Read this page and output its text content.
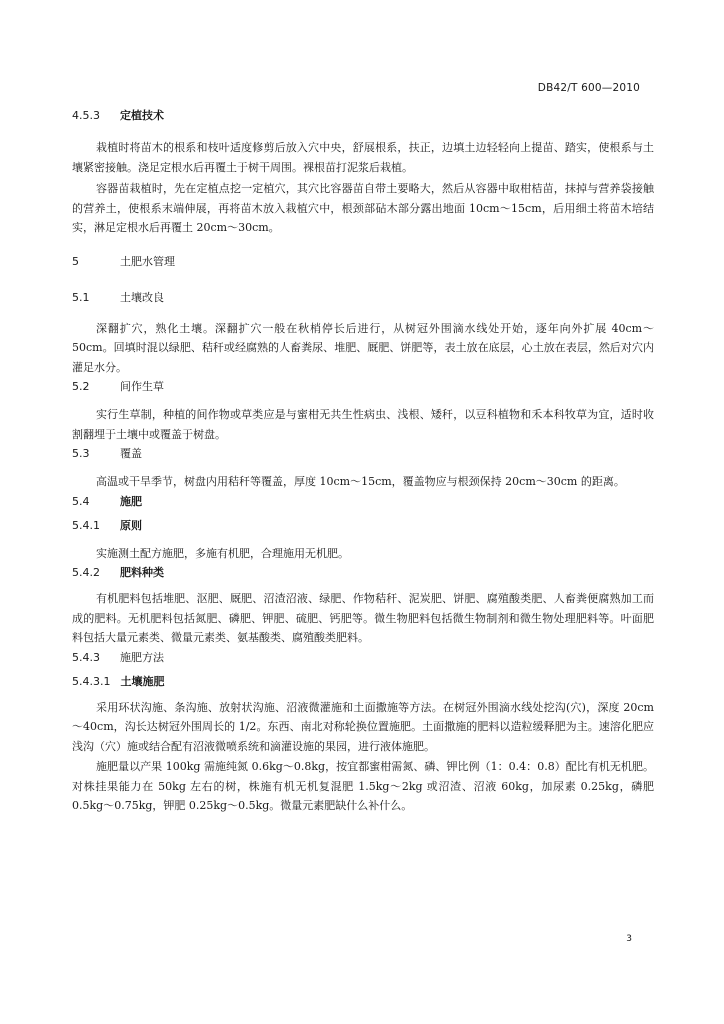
DB42/T 600—2010
4.5.3 定植技术

栽植时将苗木的根系和枝叶适度修剪后放入穴中央，舒展根系，扶正，边填土边轻轻向上提苗、踏实，使根系与土壤紧密接触。浇足定根水后再覆土于树干周围。裸根苗打泥浆后栽植。

容器苗栽植时，先在定植点挖一定植穴，其穴比容器苗自带土要略大，然后从容器中取柑桔苗，抹掉与营养袋接触的营养土，使根系末端伸展，再将苗木放入栽植穴中，根颈部砧木部分露出地面 10cm～15cm，后用细土将苗木培结实，淋足定根水后再覆土 20cm～30cm。

5	土肥水管理
5.1	土壤改良

深翻扩穴，熟化土壤。深翻扩穴一般在秋梢停长后进行，从树冠外围滴水线处开始，逐年向外扩展 40cm～50cm。回填时混以绿肥、秸秆或经腐熟的人畜粪尿、堆肥、厩肥、饼肥等，表土放在底层，心土放在表层，然后对穴内灌足水分。

5.2	间作生草

实行生草制，种植的间作物或草类应是与蜜柑无共生性病虫、浅根、矮秆，以豆科植物和禾本科牧草为宜，适时收割翻埋于土壤中或覆盖于树盘。

5.3	覆盖

高温或干旱季节，树盘内用秸秆等覆盖，厚度 10cm～15cm，覆盖物应与根颈保持 20cm～30cm 的距离。

5.4	施肥
5.4.1 原则

实施测土配方施肥，多施有机肥，合理施用无机肥。

5.4.2 肥料种类

有机肥料包括堆肥、沤肥、厩肥、沼渣沼液、绿肥、作物秸秆、泥炭肥、饼肥、腐殖酸类肥、人畜粪便腐熟加工而成的肥料。无机肥料包括氮肥、磷肥、钾肥、硫肥、钙肥等。微生物肥料包括微生物制剂和微生物处理肥料等。叶面肥料包括大量元素类、微量元素类、氨基酸类、腐殖酸类肥料。

5.4.3 施肥方法
5.4.3.1 土壤施肥

采用环状沟施、条沟施、放射状沟施、沼液微灌施和土面撒施等方法。在树冠外围滴水线处挖沟(穴)，深度 20cm～40cm，沟长达树冠外围周长的 1/2。东西、南北对称轮换位置施肥。土面撒施的肥料以造粒缓释肥为主。速溶化肥应浅沟（穴）施或结合配有沼液微喷系统和滴灌设施的果园，进行液体施肥。

施肥量以产果 100kg 需施纯氮 0.6kg～0.8kg，按宜都蜜柑需氮、磷、钾比例（1：0.4：0.8）配比有机无机肥。对株挂果能力在 50kg 左右的树，株施有机无机复混肥 1.5kg～2kg 或沼渣、沼液 60kg，加尿素 0.25kg，磷肥 0.5kg～0.75kg，钾肥 0.25kg～0.5kg。微量元素肥缺什么补什么。

3
